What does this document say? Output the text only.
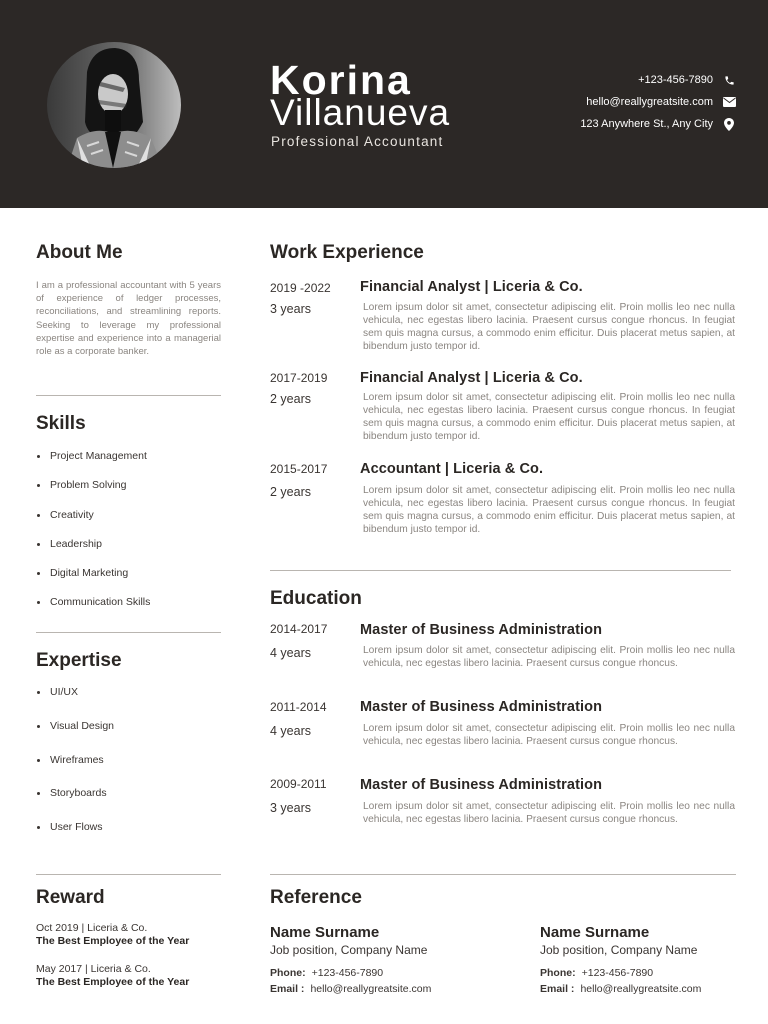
Korina
Villanueva
Professional Accountant
+123-456-7890
hello@reallygreatsite.com
123 Anywhere St., Any City
About Me
I am a professional accountant with 5 years of experience of ledger processes, reconciliations, and streamlining reports. Seeking to leverage my professional expertise and experience into a managerial role as a corporate banker.
Skills
Project Management
Problem Solving
Creativity
Leadership
Digital Marketing
Communication Skills
Expertise
UI/UX
Visual Design
Wireframes
Storyboards
User Flows
Reward
Oct 2019 | Liceria & Co.
The Best Employee of the Year
May 2017 | Liceria & Co.
The Best Employee of the Year
Work Experience
2019 -2022
3 years
Financial Analyst | Liceria & Co.
Lorem ipsum dolor sit amet, consectetur adipiscing elit. Proin mollis leo nec nulla vehicula, nec egestas libero lacinia. Praesent cursus congue rhoncus. In feugiat sem quis magna cursus, a commodo enim efficitur. Duis placerat metus sapien, at bibendum justo tempor id.
2017-2019
2 years
Financial Analyst | Liceria & Co.
Lorem ipsum dolor sit amet, consectetur adipiscing elit. Proin mollis leo nec nulla vehicula, nec egestas libero lacinia. Praesent cursus congue rhoncus. In feugiat sem quis magna cursus, a commodo enim efficitur. Duis placerat metus sapien, at bibendum justo tempor id.
2015-2017
2 years
Accountant | Liceria & Co.
Lorem ipsum dolor sit amet, consectetur adipiscing elit. Proin mollis leo nec nulla vehicula, nec egestas libero lacinia. Praesent cursus congue rhoncus. In feugiat sem quis magna cursus, a commodo enim efficitur. Duis placerat metus sapien, at bibendum justo tempor id.
Education
2014-2017
4 years
Master of Business Administration
Lorem ipsum dolor sit amet, consectetur adipiscing elit. Proin mollis leo nec nulla vehicula, nec egestas libero lacinia. Praesent cursus congue rhoncus.
2011-2014
4 years
Master of Business Administration
Lorem ipsum dolor sit amet, consectetur adipiscing elit. Proin mollis leo nec nulla vehicula, nec egestas libero lacinia. Praesent cursus congue rhoncus.
2009-2011
3 years
Master of Business Administration
Lorem ipsum dolor sit amet, consectetur adipiscing elit. Proin mollis leo nec nulla vehicula, nec egestas libero lacinia. Praesent cursus congue rhoncus.
Reference
Name Surname
Job position, Company Name
Phone: +123-456-7890
Email : hello@reallygreatsite.com
Name Surname
Job position, Company Name
Phone: +123-456-7890
Email : hello@reallygreatsite.com
